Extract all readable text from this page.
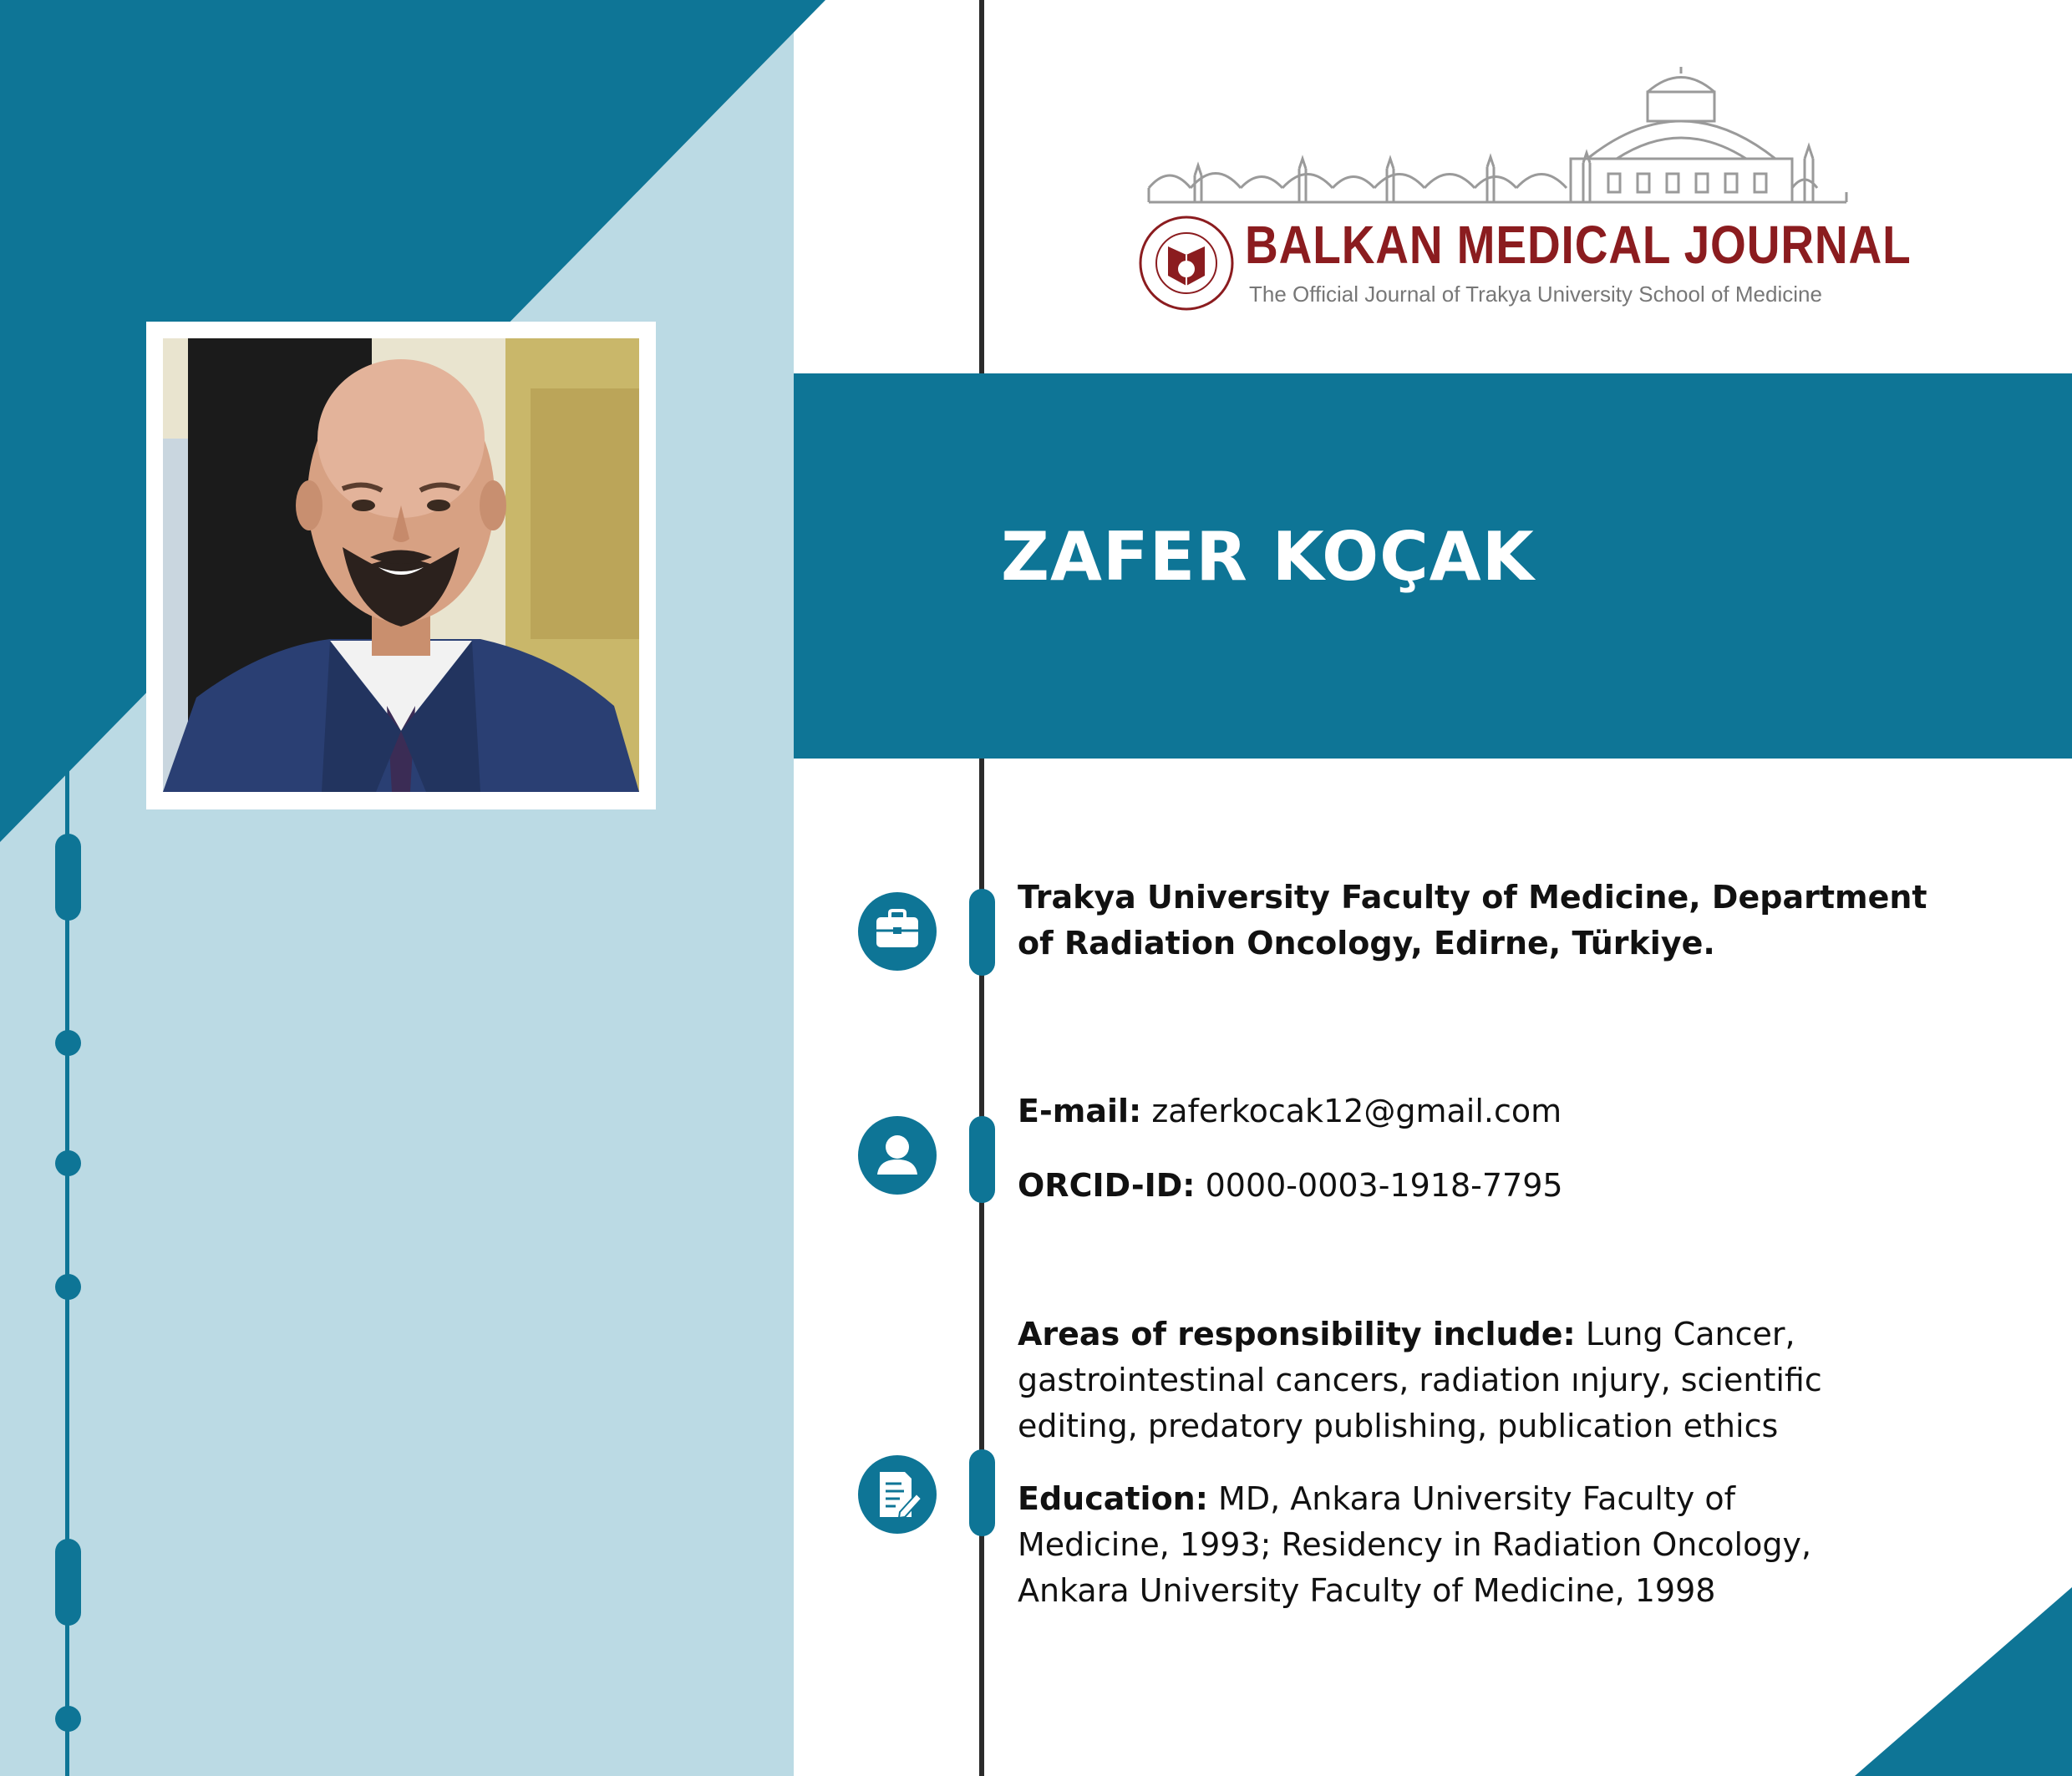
BALKAN MEDICAL JOURNAL
The Official Journal of Trakya University School of Medicine
ZAFER KOÇAK
Trakya University Faculty of Medicine, Department
of Radiation Oncology, Edirne, Türkiye.
E-mail: zaferkocak12@gmail.com
ORCID-ID: 0000-0003-1918-7795
Areas of responsibility include: Lung Cancer,
gastrointestinal cancers, radiation ınjury, scientific
editing, predatory publishing, publication ethics
Education: MD, Ankara University Faculty of
Medicine, 1993; Residency in Radiation Oncology,
Ankara University Faculty of Medicine, 1998
